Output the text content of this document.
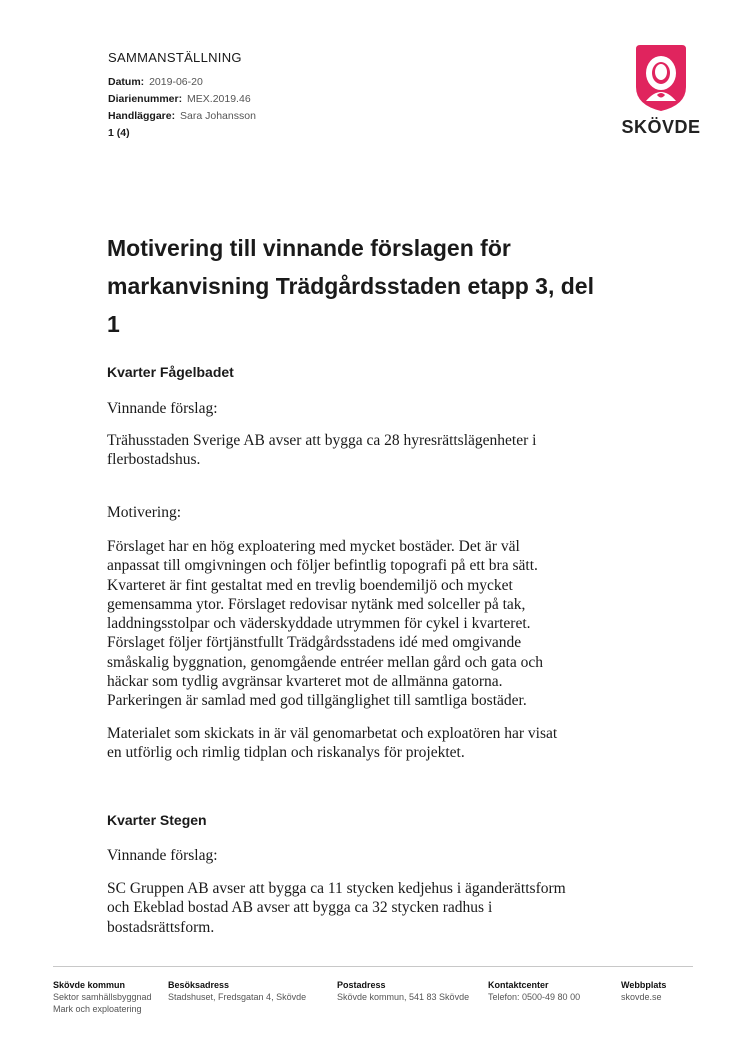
SAMMANSTÄLLNING
Datum: 2019-06-20
Diarienummer: MEX.2019.46
Handläggare: Sara Johansson
1 (4)	SKÖVDE
Motivering till vinnande förslagen för
markanvisning Trädgårdsstaden etapp 3, del
1
Kvarter Fågelbadet
Vinnande förslag:
Trähusstaden Sverige AB avser att bygga ca 28 hyresrättslägenheter i
flerbostadshus.
Motivering:
Förslaget har en hög exploatering med mycket bostäder. Det är väl
anpassat till omgivningen och följer befintlig topografi på ett bra sätt.
Kvarteret är fint gestaltat med en trevlig boendemiljö och mycket
gemensamma ytor. Förslaget redovisar nytänk med solceller på tak,
laddningsstolpar och väderskyddade utrymmen för cykel i kvarteret.
Förslaget följer förtjänstfullt Trädgårdsstadens idé med omgivande
småskalig byggnation, genomgående entréer mellan gård och gata och
häckar som tydlig avgränsar kvarteret mot de allmänna gatorna.
Parkeringen är samlad med god tillgänglighet till samtliga bostäder.
Materialet som skickats in är väl genomarbetat och exploatören har visat
en utförlig och rimlig tidplan och riskanalys för projektet.
Kvarter Stegen
Vinnande förslag:
SC Gruppen AB avser att bygga ca 11 stycken kedjehus i äganderättsform
och Ekeblad bostad AB avser att bygga ca 32 stycken radhus i
bostadsrättsform.
Skövde kommun
Sektor samhällsbyggnad
Mark och exploatering
Besöksadress
Stadshuset, Fredsgatan 4, Skövde
Postadress
Skövde kommun, 541 83 Skövde
Kontaktcenter
Telefon: 0500-49 80 00
Webbplats
skovde.se
